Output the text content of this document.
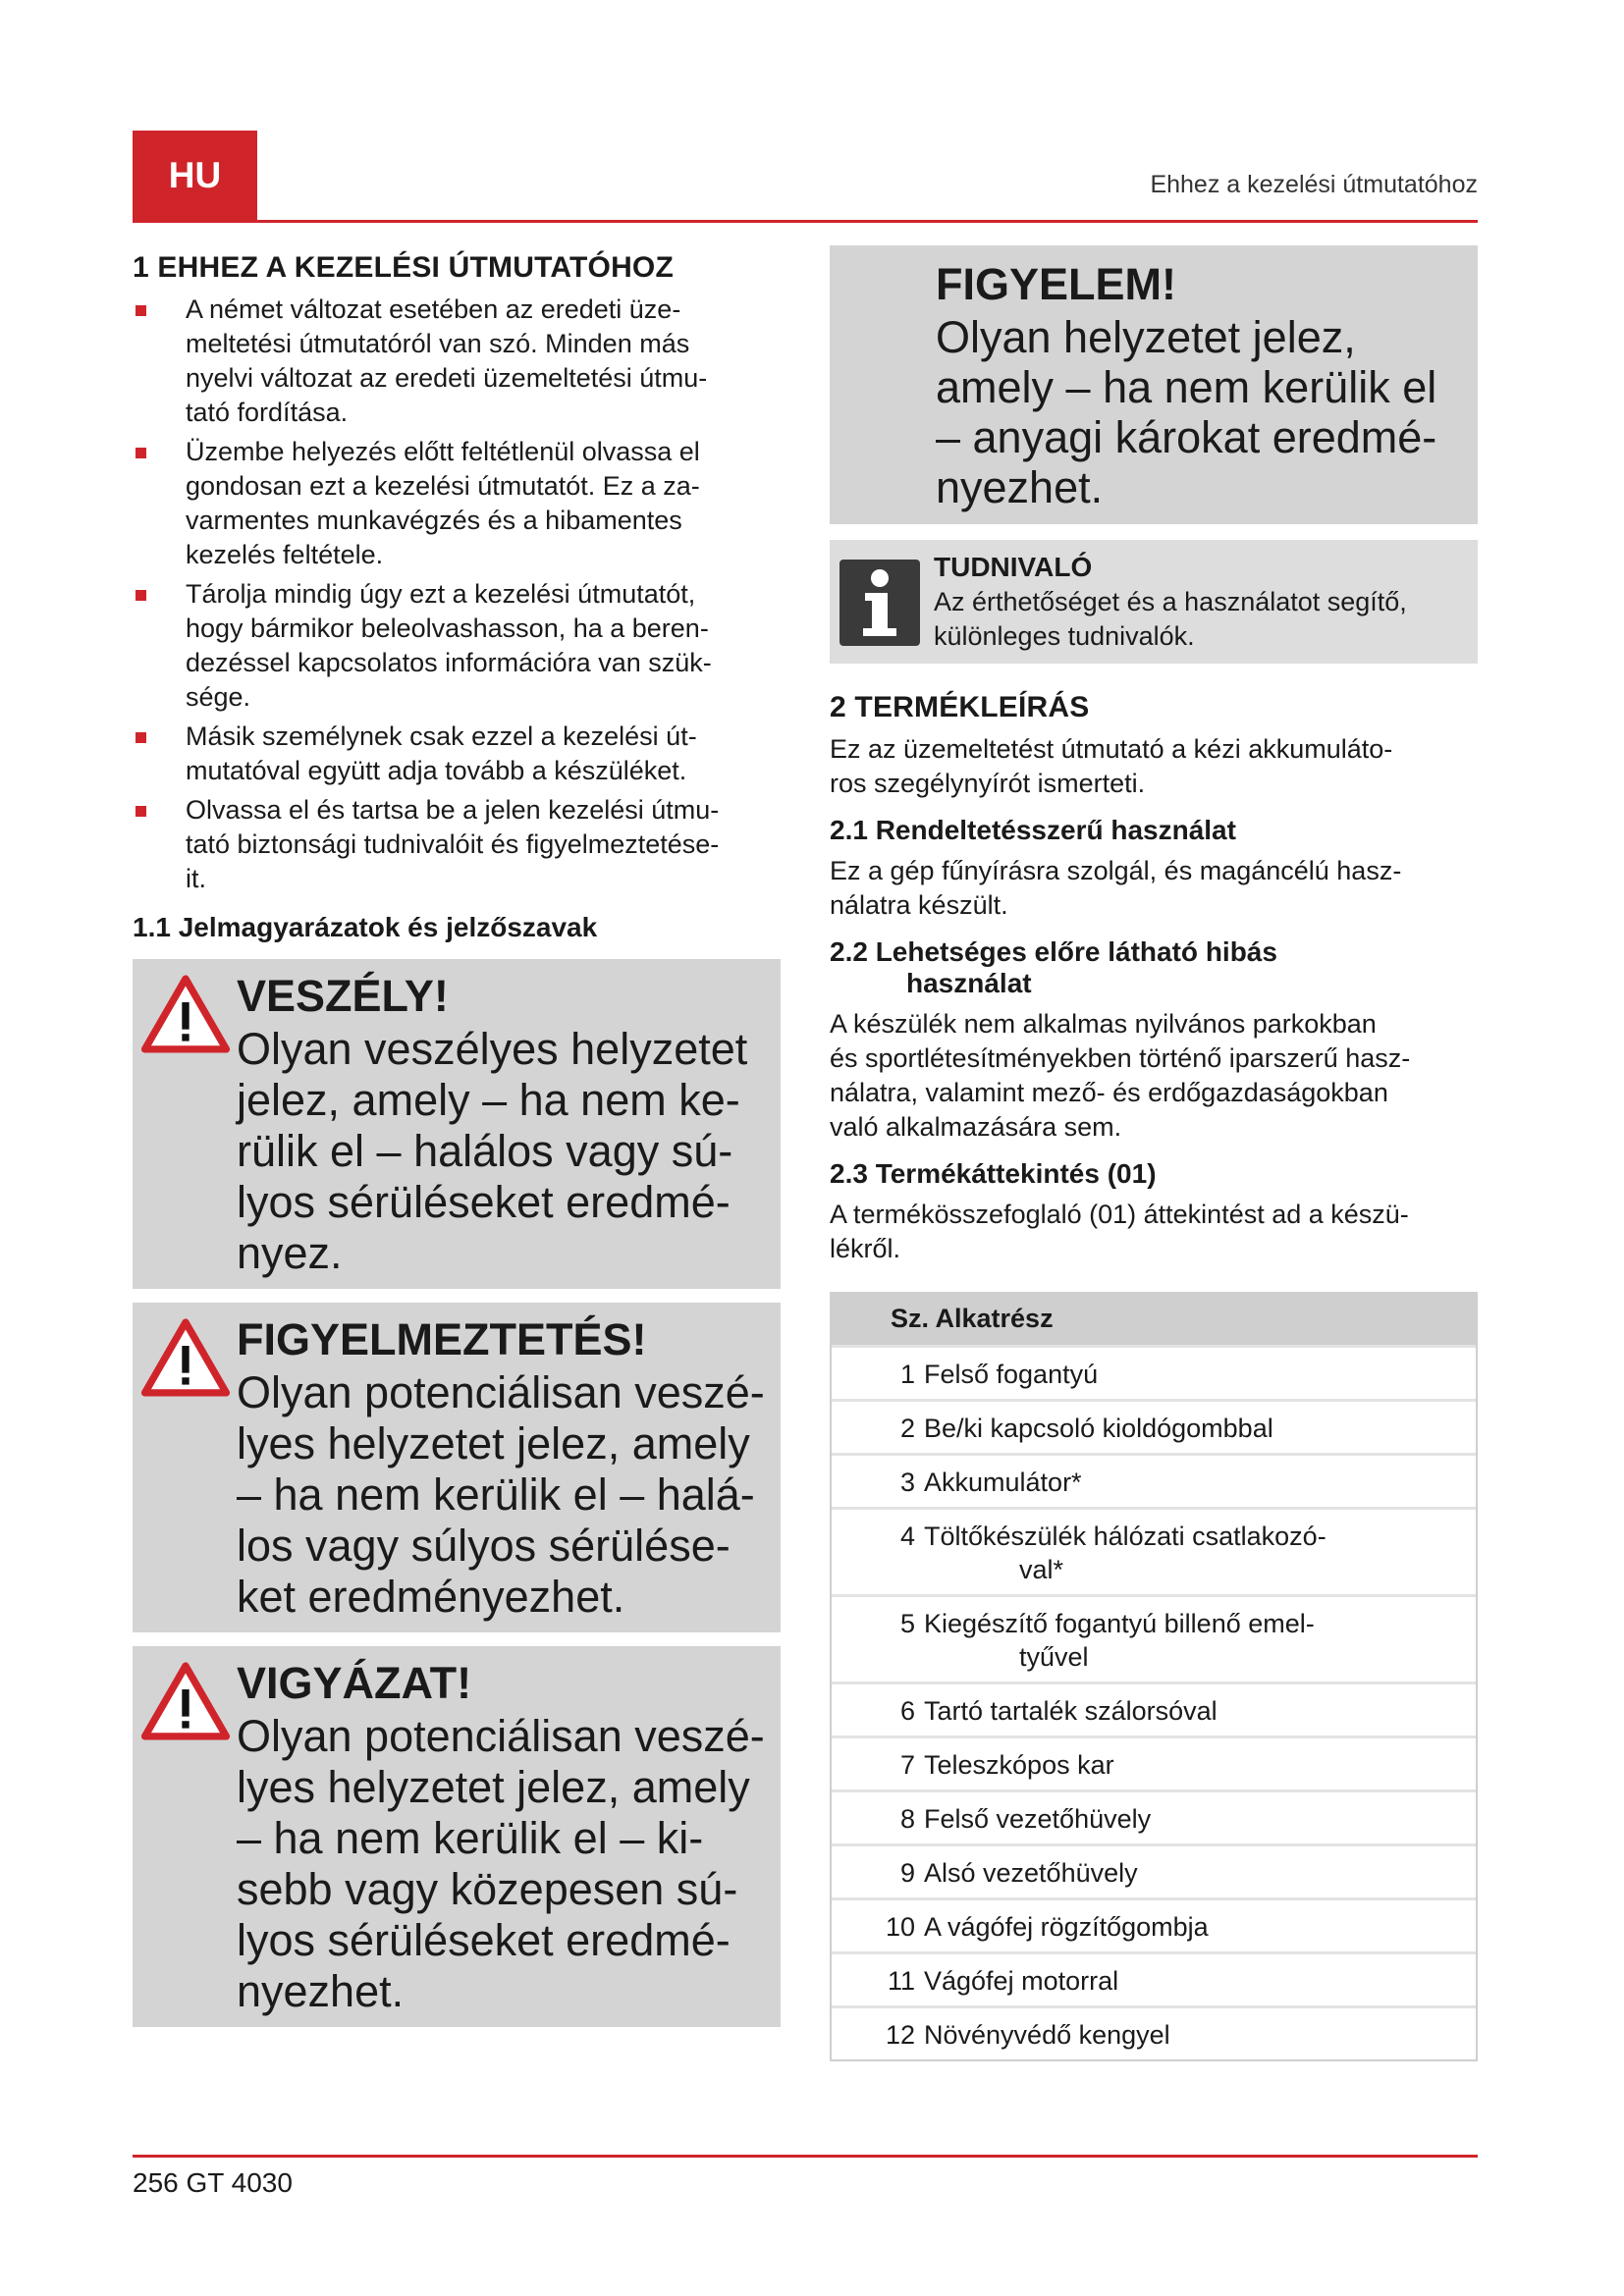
HU	Ehhez a kezelési útmutatóhoz
1 EHHEZ A KEZELÉSI ÚTMUTATÓHOZ
A német változat esetében az eredeti üze-
meltetési útmutatóról van szó. Minden más
nyelvi változat az eredeti üzemeltetési útmu-
tató fordítása.
Üzembe helyezés előtt feltétlenül olvassa el
gondosan ezt a kezelési útmutatót. Ez a za-
varmentes munkavégzés és a hibamentes
kezelés feltétele.
Tárolja mindig úgy ezt a kezelési útmutatót,
hogy bármikor beleolvashasson, ha a beren-
dezéssel kapcsolatos információra van szük-
sége.
Másik személynek csak ezzel a kezelési út-
mutatóval együtt adja tovább a készüléket.
Olvassa el és tartsa be a jelen kezelési útmu-
tató biztonsági tudnivalóit és figyelmeztetése-
it.
1.1 Jelmagyarázatok és jelzőszavak
VESZÉLY!
Olyan veszélyes helyzetet
jelez, amely – ha nem ke-
rülik el – halálos vagy sú-
lyos sérüléseket eredmé-
nyez.
FIGYELMEZTETÉS!
Olyan potenciálisan veszé-
lyes helyzetet jelez, amely
– ha nem kerülik el – halá-
los vagy súlyos sérülése-
ket eredményezhet.
VIGYÁZAT!
Olyan potenciálisan veszé-
lyes helyzetet jelez, amely
– ha nem kerülik el – ki-
sebb vagy közepesen sú-
lyos sérüléseket eredmé-
nyezhet.
FIGYELEM!
Olyan helyzetet jelez,
amely – ha nem kerülik el
– anyagi károkat eredmé-
nyezhet.
TUDNIVALÓ
Az érthetőséget és a használatot segítő,
különleges tudnivalók.
2 TERMÉKLEÍRÁS

Ez az üzemeltetést útmutató a kézi akkumuláto-
ros szegélynyírót ismerteti.

2.1 Rendeltetésszerű használat

Ez a gép fűnyírásra szolgál, és magáncélú hasz-
nálatra készült.

2.2 Lehetséges előre látható hibás
használat

A készülék nem alkalmas nyilvános parkokban
és sportlétesítményekben történő iparszerű hasz-
nálatra, valamint mező- és erdőgazdaságokban
való alkalmazására sem.

2.3 Termékáttekintés (01)

A termékösszefoglaló (01) áttekintést ad a készü-
lékről.

Sz. Alkatrész
1 Felső fogantyú
2 Be/ki kapcsoló kioldógombbal
3 Akkumulátor*
4 Töltőkészülék hálózati csatlakozó-
val*
5 Kiegészítő fogantyú billenő emel-
tyűvel
6 Tartó tartalék szálorsóval
7 Teleszkópos kar
8 Felső vezetőhüvely
9 Alsó vezetőhüvely
10 A vágófej rögzítőgombja
11 Vágófej motorral
12 Növényvédő kengyel
256 GT 4030
